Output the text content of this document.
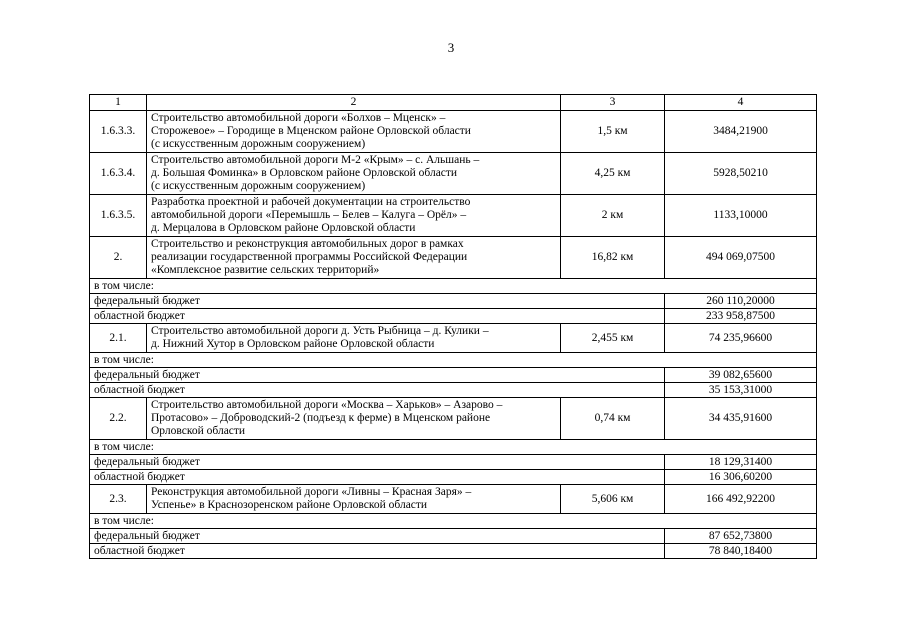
3
1	2	3	4
1.6.3.3.	Строительство автомобильной дороги «Болхов – Мценск» –
Сторожевое» – Городище в Мценском районе Орловской области
(с искусственным дорожным сооружением)	1,5 км	3484,21900
1.6.3.4.	Строительство автомобильной дороги М-2 «Крым» – с. Альшань –
д. Большая Фоминка» в Орловском районе Орловской области
(с искусственным дорожным сооружением)	4,25 км	5928,50210
1.6.3.5.	Разработка проектной и рабочей документации на строительство
автомобильной дороги «Перемышль – Белев – Калуга – Орёл» –
д. Мерцалова в Орловском районе Орловской области	2 км	1133,10000
2.	Строительство и реконструкция автомобильных дорог в рамках
реализации государственной программы Российской Федерации
«Комплексное развитие сельских территорий»	16,82 км	494 069,07500
в том числе:			
федеральный бюджет			260 110,20000
областной бюджет			233 958,87500
2.1.	Строительство автомобильной дороги д. Усть Рыбница – д. Кулики –
д. Нижний Хутор в Орловском районе Орловской области	2,455 км	74 235,96600
в том числе:			
федеральный бюджет			39 082,65600
областной бюджет			35 153,31000
2.2.	Строительство автомобильной дороги «Москва – Харьков» – Азарово –
Протасово» – Доброводский-2 (подъезд к ферме) в Мценском районе
Орловской области	0,74 км	34 435,91600
в том числе:			
федеральный бюджет			18 129,31400
областной бюджет			16 306,60200
2.3.	Реконструкция автомобильной дороги «Ливны – Красная Заря» –
Успенье» в Краснозоренском районе Орловской области	5,606 км	166 492,92200
в том числе:			
федеральный бюджет			87 652,73800
областной бюджет			78 840,18400
